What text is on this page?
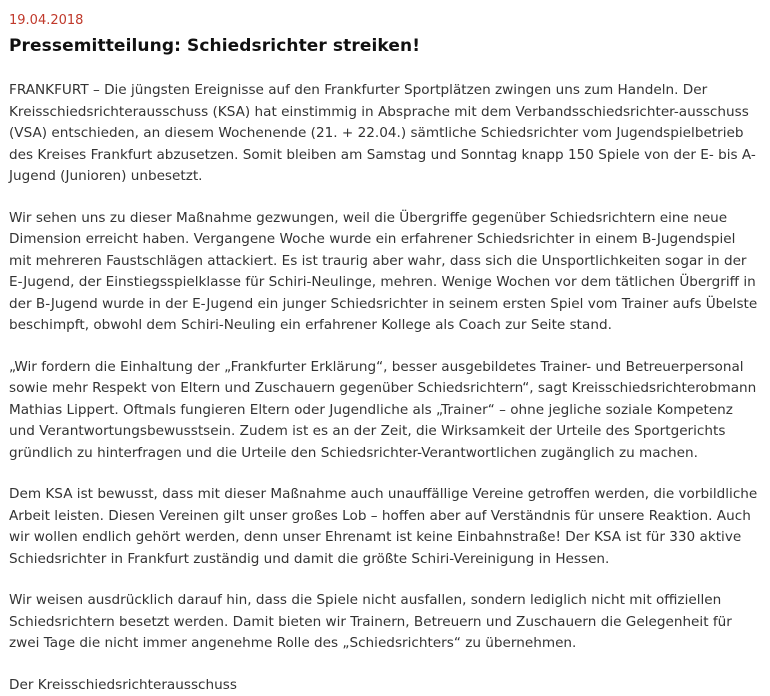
19.04.2018

Pressemitteilung: Schiedsrichter streiken!

FRANKFURT – Die jüngsten Ereignisse auf den Frankfurter Sportplätzen zwingen uns zum Handeln. Der Kreisschiedsrichterausschuss (KSA) hat einstimmig in Absprache mit dem Verbandsschiedsrichter-ausschuss (VSA) entschieden, an diesem Wochenende (21. + 22.04.) sämtliche Schiedsrichter vom Jugendspielbetrieb des Kreises Frankfurt abzusetzen. Somit bleiben am Samstag und Sonntag knapp 150 Spiele von der E- bis A-Jugend (Junioren) unbesetzt.

Wir sehen uns zu dieser Maßnahme gezwungen, weil die Übergriffe gegenüber Schiedsrichtern eine neue Dimension erreicht haben. Vergangene Woche wurde ein erfahrener Schiedsrichter in einem B-Jugendspiel mit mehreren Faustschlägen attackiert. Es ist traurig aber wahr, dass sich die Unsportlichkeiten sogar in der E-Jugend, der Einstiegsspielklasse für Schiri-Neulinge, mehren. Wenige Wochen vor dem tätlichen Übergriff in der B-Jugend wurde in der E-Jugend ein junger Schiedsrichter in seinem ersten Spiel vom Trainer aufs Übelste beschimpft, obwohl dem Schiri-Neuling ein erfahrener Kollege als Coach zur Seite stand.

„Wir fordern die Einhaltung der „Frankfurter Erklärung“, besser ausgebildetes Trainer- und Betreuerpersonal sowie mehr Respekt von Eltern und Zuschauern gegenüber Schiedsrichtern“, sagt Kreisschiedsrichterobmann Mathias Lippert. Oftmals fungieren Eltern oder Jugendliche als „Trainer“ – ohne jegliche soziale Kompetenz und Verantwortungsbewusstsein. Zudem ist es an der Zeit, die Wirksamkeit der Urteile des Sportgerichts gründlich zu hinterfragen und die Urteile den Schiedsrichter-Verantwortlichen zugänglich zu machen.

Dem KSA ist bewusst, dass mit dieser Maßnahme auch unauffällige Vereine getroffen werden, die vorbildliche Arbeit leisten. Diesen Vereinen gilt unser großes Lob – hoffen aber auf Verständnis für unsere Reaktion. Auch wir wollen endlich gehört werden, denn unser Ehrenamt ist keine Einbahnstraße! Der KSA ist für 330 aktive Schiedsrichter in Frankfurt zuständig und damit die größte Schiri-Vereinigung in Hessen.

Wir weisen ausdrücklich darauf hin, dass die Spiele nicht ausfallen, sondern lediglich nicht mit offiziellen Schiedsrichtern besetzt werden. Damit bieten wir Trainern, Betreuern und Zuschauern die Gelegenheit für zwei Tage die nicht immer angenehme Rolle des „Schiedsrichters“ zu übernehmen.

Der Kreisschiedsrichterausschuss
